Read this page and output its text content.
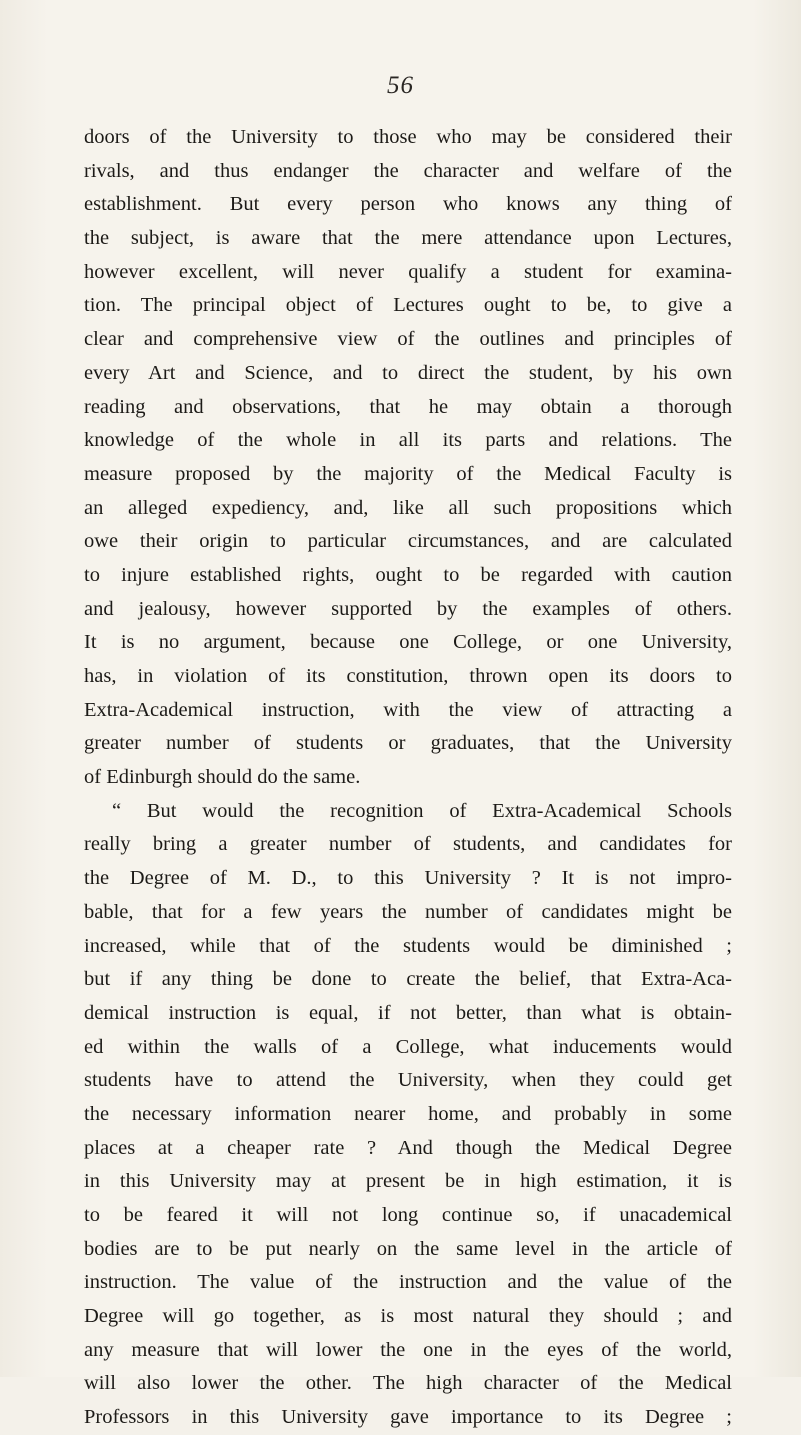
56
doors of the University to those who may be considered their
rivals, and thus endanger the character and welfare of the
establishment. But every person who knows any thing of
the subject, is aware that the mere attendance upon Lectures,
however excellent, will never qualify a student for examina-
tion. The principal object of Lectures ought to be, to give a
clear and comprehensive view of the outlines and principles of
every Art and Science, and to direct the student, by his own
reading and observations, that he may obtain a thorough
knowledge of the whole in all its parts and relations. The
measure proposed by the majority of the Medical Faculty is
an alleged expediency, and, like all such propositions which
owe their origin to particular circumstances, and are calculated
to injure established rights, ought to be regarded with caution
and jealousy, however supported by the examples of others.
It is no argument, because one College, or one University,
has, in violation of its constitution, thrown open its doors to
Extra-Academical instruction, with the view of attracting a
greater number of students or graduates, that the University
of Edinburgh should do the same.
“ But would the recognition of Extra-Academical Schools
really bring a greater number of students, and candidates for
the Degree of M. D., to this University ? It is not impro-
bable, that for a few years the number of candidates might be
increased, while that of the students would be diminished ;
but if any thing be done to create the belief, that Extra-Aca-
demical instruction is equal, if not better, than what is obtain-
ed within the walls of a College, what inducements would
students have to attend the University, when they could get
the necessary information nearer home, and probably in some
places at a cheaper rate ? And though the Medical Degree
in this University may at present be in high estimation, it is
to be feared it will not long continue so, if unacademical
bodies are to be put nearly on the same level in the article of
instruction. The value of the instruction and the value of the
Degree will go together, as is most natural they should ; and
any measure that will lower the one in the eyes of the world,
will also lower the other. The high character of the Medical
Professors in this University gave importance to its Degree ;
